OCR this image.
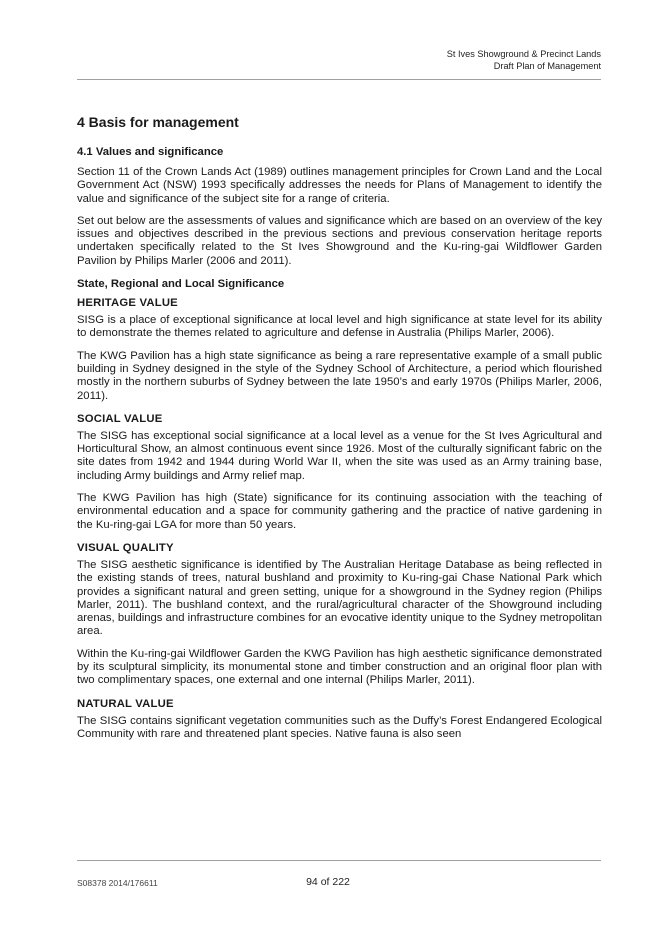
St Ives Showground & Precinct Lands
Draft Plan of Management
4 Basis for management
4.1 Values and significance

Section 11 of the Crown Lands Act (1989) outlines management principles for Crown Land and the Local Government Act (NSW) 1993 specifically addresses the needs for Plans of Management to identify the value and significance of the subject site for a range of criteria.

Set out below are the assessments of values and significance which are based on an overview of the key issues and objectives described in the previous sections and previous conservation heritage reports undertaken specifically related to the St Ives Showground and the Ku-ring-gai Wildflower Garden Pavilion by Philips Marler (2006 and 2011).

State, Regional and Local Significance
HERITAGE VALUE

SISG is a place of exceptional significance at local level and high significance at state level for its ability to demonstrate the themes related to agriculture and defense in Australia (Philips Marler, 2006).

The KWG Pavilion has a high state significance as being a rare representative example of a small public building in Sydney designed in the style of the Sydney School of Architecture, a period which flourished mostly in the northern suburbs of Sydney between the late 1950’s and early 1970s (Philips Marler, 2006, 2011).

SOCIAL VALUE

The SISG has exceptional social significance at a local level as a venue for the St Ives Agricultural and Horticultural Show, an almost continuous event since 1926. Most of the culturally significant fabric on the site dates from 1942 and 1944 during World War II, when the site was used as an Army training base, including Army buildings and Army relief map.

The KWG Pavilion has high (State) significance for its continuing association with the teaching of environmental education and a space for community gathering and the practice of native gardening in the Ku-ring-gai LGA for more than 50 years.

VISUAL QUALITY

The SISG aesthetic significance is identified by The Australian Heritage Database as being reflected in the existing stands of trees, natural bushland and proximity to Ku-ring-gai Chase National Park which provides a significant natural and green setting, unique for a showground in the Sydney region (Philips Marler, 2011). The bushland context, and the rural/agricultural character of the Showground including arenas, buildings and infrastructure combines for an evocative identity unique to the Sydney metropolitan area.

Within the Ku-ring-gai Wildflower Garden the KWG Pavilion has high aesthetic significance demonstrated by its sculptural simplicity, its monumental stone and timber construction and an original floor plan with two complimentary spaces, one external and one internal (Philips Marler, 2011).

NATURAL VALUE

The SISG contains significant vegetation communities such as the Duffy’s Forest Endangered Ecological Community with rare and threatened plant species. Native fauna is also seen

S08378 2014/176611	94 of 222
